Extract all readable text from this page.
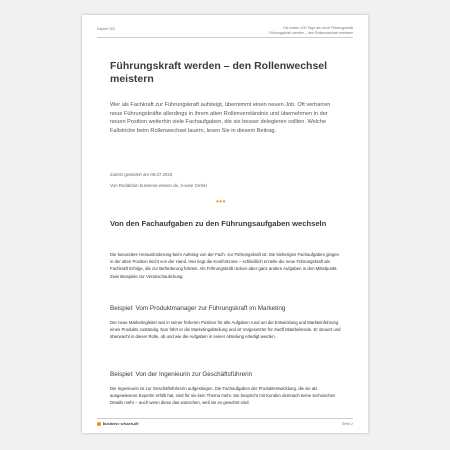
Kapitel 203	Die ersten 100 Tage als neue Führungskraft
Führungskraft werden – den Rollenwechsel meistern
Führungskraft werden – den Rollenwechsel meistern
Wer als Fachkraft zur Führungskraft aufsteigt, übernimmt einen neuen Job. Oft verharren neue Führungskräfte allerdings in ihrem alten Rollenverständnis und übernehmen in der neuen Position weiterhin viele Fachaufgaben, die sie besser delegieren sollten. Welche Fallstricke beim Rollenwechsel lauern, lesen Sie in diesem Beitrag.
Zuletzt geändert am 06.07.2023
Von Redaktion business-wissen.de, b-wise GmbH
•••
Von den Fachaufgaben zu den Führungsaufgaben wechseln
Die besondere Herausforderung beim Aufstieg von der Fach- zur Führungskraft ist: Die bisherigen Fachaufgaben gingen in der alten Position leicht von der Hand. Hier liegt die Komfortzone – schließlich erzielte die neue Führungskraft als Fachkraft Erfolge, die zur Beförderung führten. Als Führungskraft rücken aber ganz andere Aufgaben in den Mittelpunkt. Zwei Beispiele zur Veranschaulichung.
Beispiel: Vom Produktmanager zur Führungskraft im Marketing
Der neue Marketingleiter war in seiner früheren Position für alle Aufgaben rund um die Entwicklung und Markteinführung eines Produkts zuständig. Nun führt er die Marketingabteilung und ist Vorgesetzter für zwölf Mitarbeitende. Er steuert und überwacht in dieser Rolle, ob und wie die Aufgaben in seiner Abteilung erledigt werden.
Beispiel: Von der Ingenieurin zur Geschäftsführerin
Die Ingenieurin ist zur Geschäftsführerin aufgestiegen. Die Fachaufgaben der Produktentwicklung, die sie als ausgewiesene Expertin erfüllt hat, sind für sie kein Thema mehr. Sie bespricht mit Kunden demnach keine technischen Details mehr – auch wenn diese das wünschen, weil sie es gewohnt sind.
business-wissen.de	Seite 2
